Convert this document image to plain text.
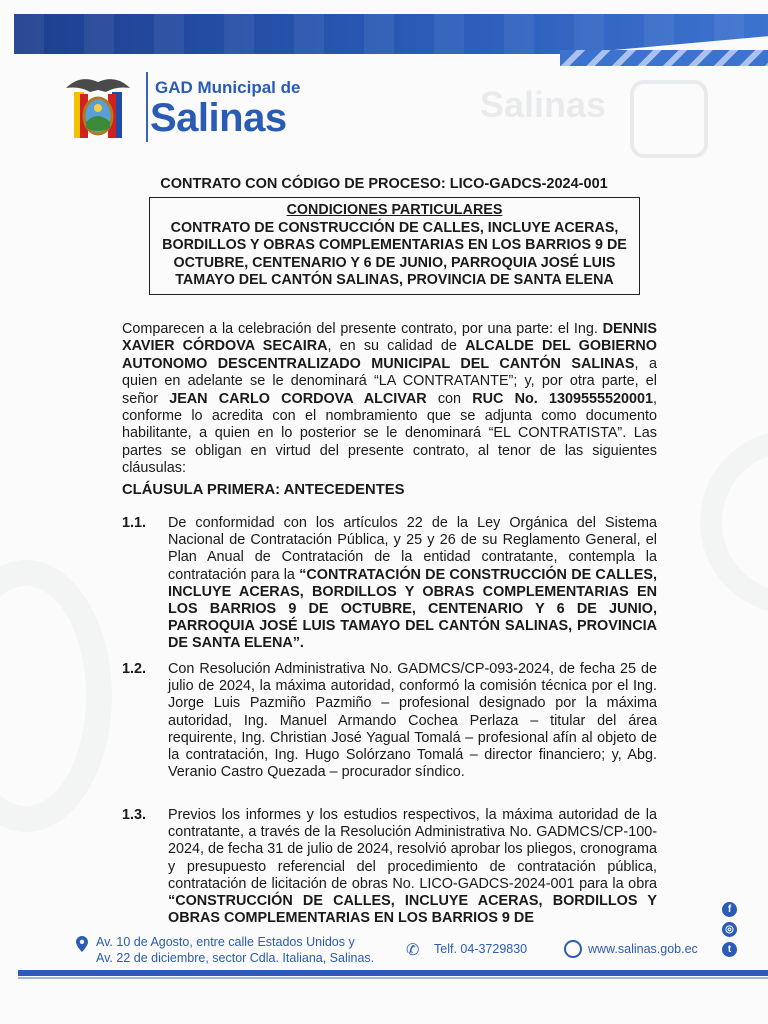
Salinas
GAD Municipal de
Salinas
CONTRATO CON CÓDIGO DE PROCESO: LICO-GADCS-2024-001
CONDICIONES PARTICULARES
CONTRATO DE CONSTRUCCIÓN DE CALLES, INCLUYE ACERAS,
BORDILLOS Y OBRAS COMPLEMENTARIAS EN LOS BARRIOS 9 DE
OCTUBRE, CENTENARIO Y 6 DE JUNIO, PARROQUIA JOSÉ LUIS
TAMAYO DEL CANTÓN SALINAS, PROVINCIA DE SANTA ELENA
Comparecen a la celebración del presente contrato, por una parte: el Ing. DENNIS XAVIER CÓRDOVA SECAIRA, en su calidad de ALCALDE DEL GOBIERNO AUTONOMO DESCENTRALIZADO MUNICIPAL DEL CANTÓN SALINAS, a quien en adelante se le denominará “LA CONTRATANTE”; y, por otra parte, el señor JEAN CARLO CORDOVA ALCIVAR con RUC No. 1309555520001, conforme lo acredita con el nombramiento que se adjunta como documento habilitante, a quien en lo posterior se le denominará “EL CONTRATISTA”. Las partes se obligan en virtud del presente contrato, al tenor de las siguientes cláusulas:
CLÁUSULA PRIMERA: ANTECEDENTES
1.1. De conformidad con los artículos 22 de la Ley Orgánica del Sistema Nacional de Contratación Pública, y 25 y 26 de su Reglamento General, el Plan Anual de Contratación de la entidad contratante, contempla la contratación para la “CONTRATACIÓN DE CONSTRUCCIÓN DE CALLES, INCLUYE ACERAS, BORDILLOS Y OBRAS COMPLEMENTARIAS EN LOS BARRIOS 9 DE OCTUBRE, CENTENARIO Y 6 DE JUNIO, PARROQUIA JOSÉ LUIS TAMAYO DEL CANTÓN SALINAS, PROVINCIA DE SANTA ELENA”.
1.2. Con Resolución Administrativa No. GADMCS/CP-093-2024, de fecha 25 de julio de 2024, la máxima autoridad, conformó la comisión técnica por el Ing. Jorge Luis Pazmiño Pazmiño – profesional designado por la máxima autoridad, Ing. Manuel Armando Cochea Perlaza – titular del área requirente, Ing. Christian José Yagual Tomalá – profesional afín al objeto de la contratación, Ing. Hugo Solórzano Tomalá – director financiero; y, Abg. Veranio Castro Quezada – procurador síndico.
1.3. Previos los informes y los estudios respectivos, la máxima autoridad de la contratante, a través de la Resolución Administrativa No. GADMCS/CP-100-2024, de fecha 31 de julio de 2024, resolvió aprobar los pliegos, cronograma y presupuesto referencial del procedimiento de contratación pública, contratación de licitación de obras No. LICO-GADCS-2024-001 para la obra “CONSTRUCCIÓN DE CALLES, INCLUYE ACERAS, BORDILLOS Y OBRAS COMPLEMENTARIAS EN LOS BARRIOS 9 DE
f
◎
t
Av. 10 de Agosto, entre calle Estados Unidos y
Av. 22 de diciembre, sector Cdla. Italiana, Salinas. ✆ Telf. 04-3729830	www.salinas.gob.ec
